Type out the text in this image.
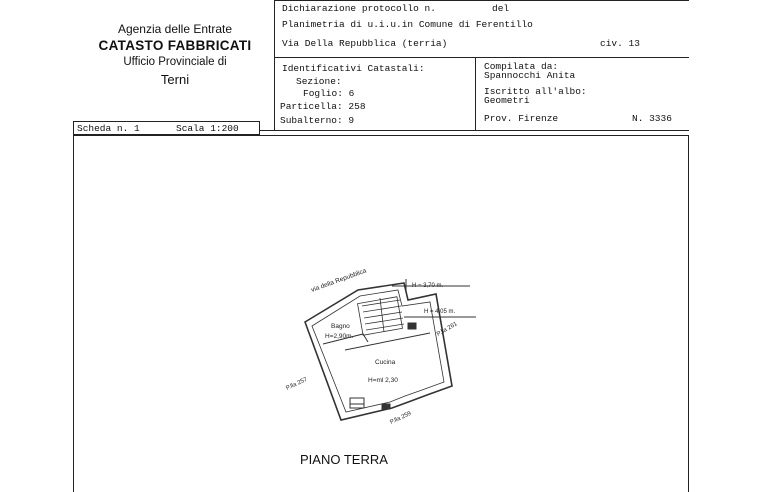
Agenzia delle Entrate
CATASTO FABBRICATI
Ufficio Provinciale di
Terni
Dichiarazione protocollo n.	del
Planimetria di u.i.u.in Comune di Ferentillo
Via Della Repubblica (terria)	civ. 13
Identificativi Catastali:
Sezione:
Foglio: 6
Particella: 258
Subalterno: 9
Compilata da:
Spannocchi Anita
Iscritto all'albo:
Geometri
Prov. Firenze	N. 3336
Scheda n. 1	Scala 1:200
via della Repubblica	H = 3,70 m.
H = 4,05 m.
Bagno
H=2,90m.
Cucina
H=ml 2,30
P.lla 261
P.lla 257
P.lla 259
PIANO TERRA
